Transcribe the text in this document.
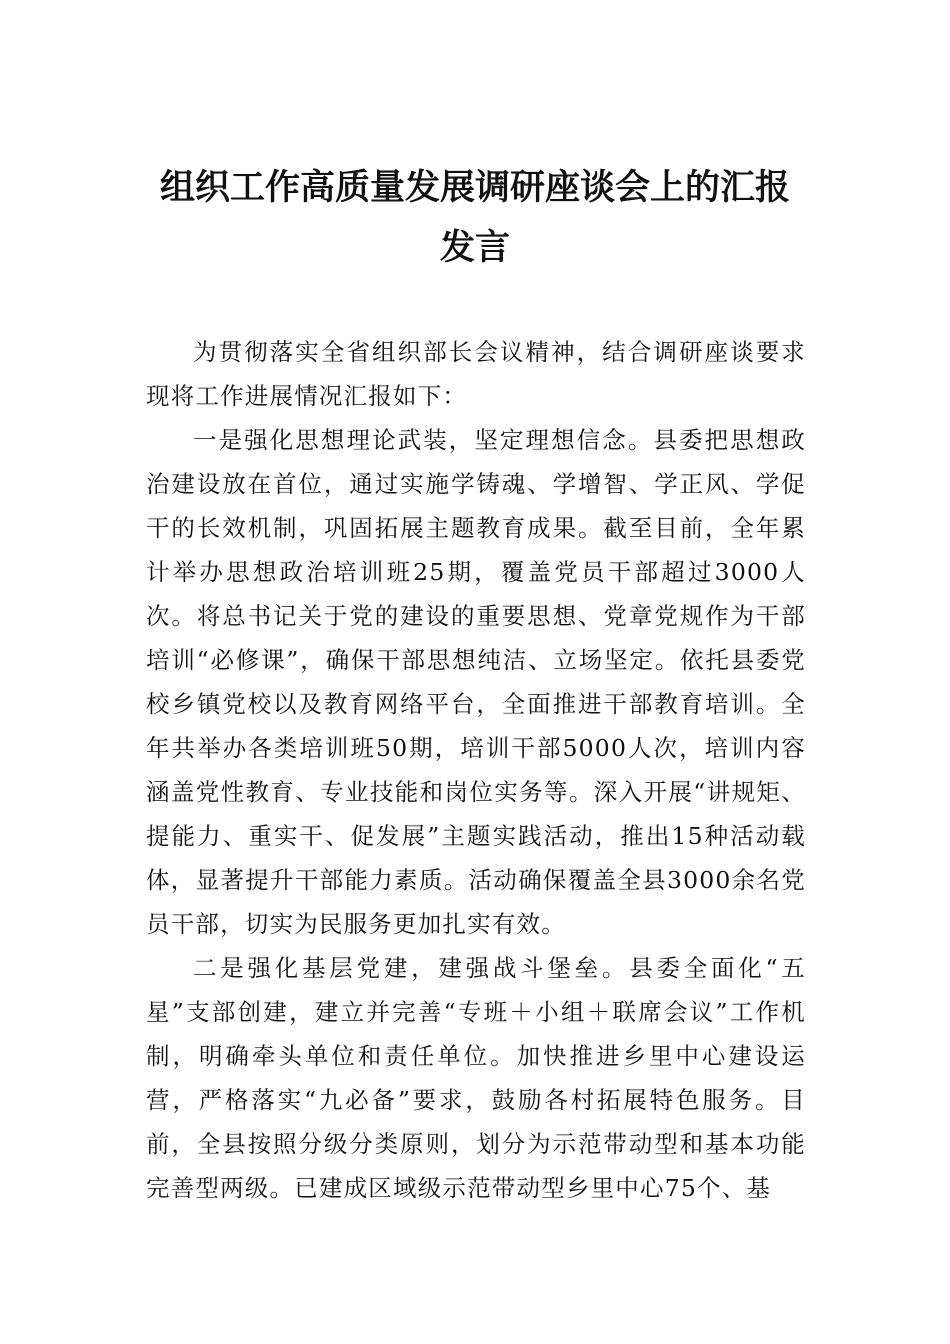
组织工作高质量发展调研座谈会上的汇报
发言

为贯彻落实全省组织部长会议精神，结合调研座谈要求现将工作进展情况汇报如下：

一是强化思想理论武装，坚定理想信念。县委把思想政治建设放在首位，通过实施学铸魂、学增智、学正风、学促干的长效机制，巩固拓展主题教育成果。截至目前，全年累计举办思想政治培训班25期，覆盖党员干部超过3000人次。将总书记关于党的建设的重要思想、党章党规作为干部培训“必修课”，确保干部思想纯洁、立场坚定。依托县委党校乡镇党校以及教育网络平台，全面推进干部教育培训。全年共举办各类培训班50期，培训干部5000人次，培训内容涵盖党性教育、专业技能和岗位实务等。深入开展“讲规矩、提能力、重实干、促发展”主题实践活动，推出15种活动载体，显著提升干部能力素质。活动确保覆盖全县3000余名党员干部，切实为民服务更加扎实有效。

二是强化基层党建，建强战斗堡垒。县委全面化“五星”支部创建，建立并完善“专班＋小组＋联席会议”工作机制，明确牵头单位和责任单位。加快推进乡里中心建设运营，严格落实“九必备”要求，鼓励各村拓展特色服务。目前，全县按照分级分类原则，划分为示范带动型和基本功能完善型两级。已建成区域级示范带动型乡里中心75个、基
